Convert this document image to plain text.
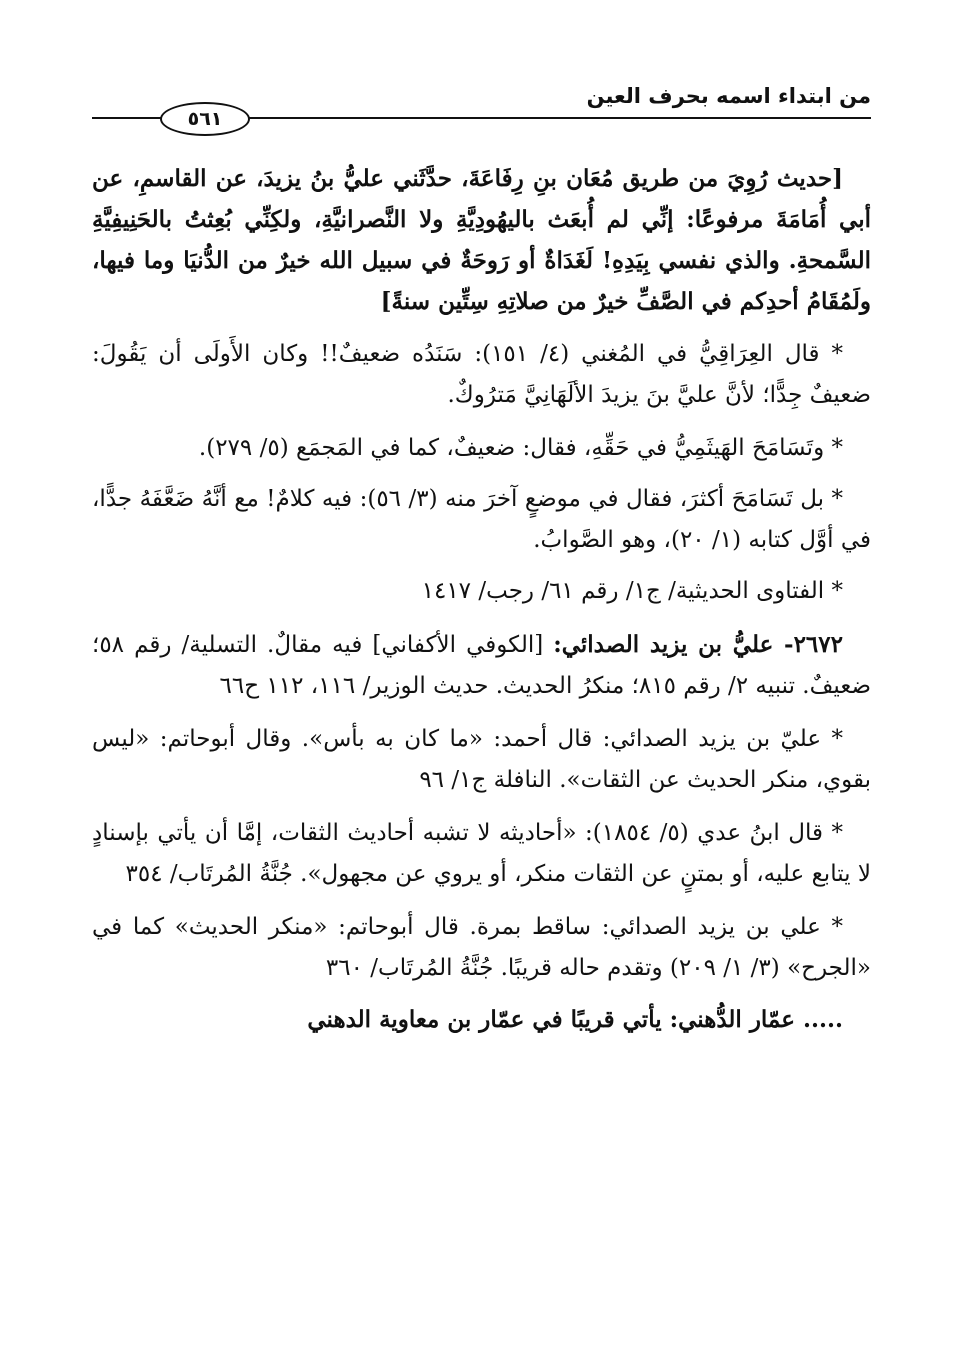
من ابتداء اسمه بحرف العين
٥٦١

[حديث رُوِيَ من طريق مُعَان بنِ رِفَاعَةَ، حدَّثَني عليُّ بنُ يزيدَ، عن القاسمِ، عن أبي أُمَامَةَ مرفوعًا: إنِّي لم أُبعَث باليهُودِيَّةِ ولا النَّصرانيَّةِ، ولكِنِّي بُعِثتُ بالحَنِيفِيَّةِ السَّمحةِ. والذي نفسي بِيَدِهِ! لَغَدَاةٌ أو رَوحَةٌ في سبيل الله خيرٌ من الدُّنيَا وما فيها، ولَمُقَامُ أحدِكم في الصَّفِّ خيرٌ من صلاتِهِ سِتِّين سنةً]

* قال العِرَاقِيُّ في المُغني (٤/ ١٥١): سَنَدُه ضعيفٌ!! وكان الأَولَى أن يَقُولَ: ضعيفٌ جِدًّا؛ لأنَّ عليَّ بنَ يزيدَ الألَهَانِيَّ مَترُوكٌ.

* وتَسَامَحَ الهَيثَمِيُّ في حَقِّهِ، فقال: ضعيفٌ، كما في المَجمَع (٥/ ٢٧٩).

* بل تَسَامَحَ أكثرَ، فقال في موضعٍ آخرَ منه (٣/ ٥٦): فيه كلامٌ! مع أنَّهُ ضَعَّفَهُ جدًّا، في أوَّل كتابه (١/ ٢٠)، وهو الصَّوابُ.

* الفتاوى الحديثية/ ج١/ رقم ٦١/ رجب/ ١٤١٧

٢٦٧٢- عليُّ بن يزيد الصدائي: [الكوفي الأكفاني] فيه مقالٌ. التسلية/ رقم ٥٨؛ ضعيفٌ. تنبيه ٢/ رقم ٨١٥؛ منكرُ الحديث. حديث الوزير/ ١١٦، ١١٢ ح٦٦

* عليّ بن يزيد الصدائي: قال أحمد: «ما كان به بأس». وقال أبوحاتم: «ليس بقوي، منكر الحديث عن الثقات». النافلة ج١/ ٩٦

* قال ابنُ عدي (٥/ ١٨٥٤): «أحاديثه لا تشبه أحاديث الثقات، إمَّا أن يأتي بإسنادٍ لا يتابع عليه، أو بمتنٍ عن الثقات منكر، أو يروي عن مجهول». جُنَّةُ المُرتَاب/ ٣٥٤

* علي بن يزيد الصدائي: ساقط بمرة. قال أبوحاتم: «منكر الحديث» كما في «الجرح» (٣/ ١/ ٢٠٩) وتقدم حاله قريبًا. جُنَّةُ المُرتَاب/ ٣٦٠

..... عمّار الدُّهني: يأتي قريبًا في عمّار بن معاوية الدهني
